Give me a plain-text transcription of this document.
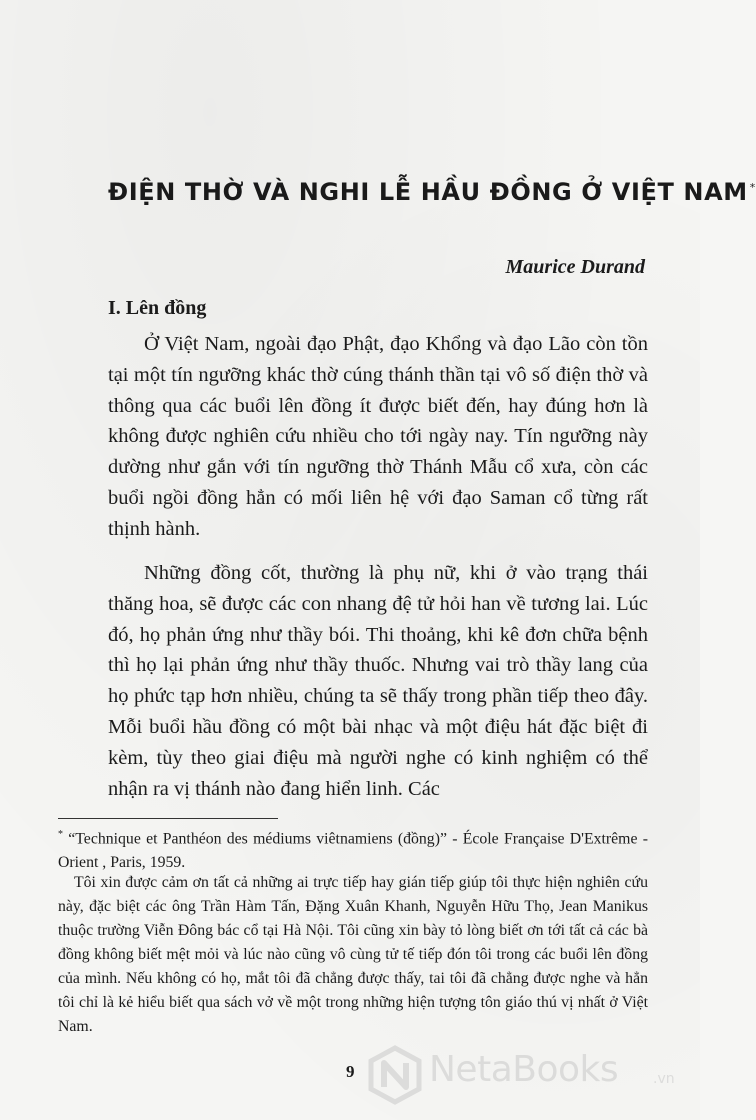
ĐIỆN THỜ VÀ NGHI LỄ HẦU ĐỒNG Ở VIỆT NAM *
Maurice Durand
I. Lên đồng

Ở Việt Nam, ngoài đạo Phật, đạo Khổng và đạo Lão còn tồn tại một tín ngưỡng khác thờ cúng thánh thần tại vô số điện thờ và thông qua các buổi lên đồng ít được biết đến, hay đúng hơn là không được nghiên cứu nhiều cho tới ngày nay. Tín ngưỡng này dường như gắn với tín ngưỡng thờ Thánh Mẫu cổ xưa, còn các buổi ngồi đồng hẳn có mối liên hệ với đạo Saman cổ từng rất thịnh hành.

Những đồng cốt, thường là phụ nữ, khi ở vào trạng thái thăng hoa, sẽ được các con nhang đệ tử hỏi han về tương lai. Lúc đó, họ phản ứng như thầy bói. Thi thoảng, khi kê đơn chữa bệnh thì họ lại phản ứng như thầy thuốc. Nhưng vai trò thầy lang của họ phức tạp hơn nhiều, chúng ta sẽ thấy trong phần tiếp theo đây. Mỗi buổi hầu đồng có một bài nhạc và một điệu hát đặc biệt đi kèm, tùy theo giai điệu mà người nghe có kinh nghiệm có thể nhận ra vị thánh nào đang hiển linh. Các

* “Technique et Panthéon des médiums viêtnamiens (đồng)” - École Française D'Extrême - Orient , Paris, 1959.

Tôi xin được cảm ơn tất cả những ai trực tiếp hay gián tiếp giúp tôi thực hiện nghiên cứu này, đặc biệt các ông Trần Hàm Tấn, Đặng Xuân Khanh, Nguyễn Hữu Thọ, Jean Manikus thuộc trường Viễn Đông bác cổ tại Hà Nội. Tôi cũng xin bày tỏ lòng biết ơn tới tất cả các bà đồng không biết mệt mỏi và lúc nào cũng vô cùng tử tế tiếp đón tôi trong các buổi lên đồng của mình. Nếu không có họ, mắt tôi đã chẳng được thấy, tai tôi đã chẳng được nghe và hẳn tôi chỉ là kẻ hiểu biết qua sách vở về một trong những hiện tượng tôn giáo thú vị nhất ở Việt Nam.

9 NetaBooks .vn
